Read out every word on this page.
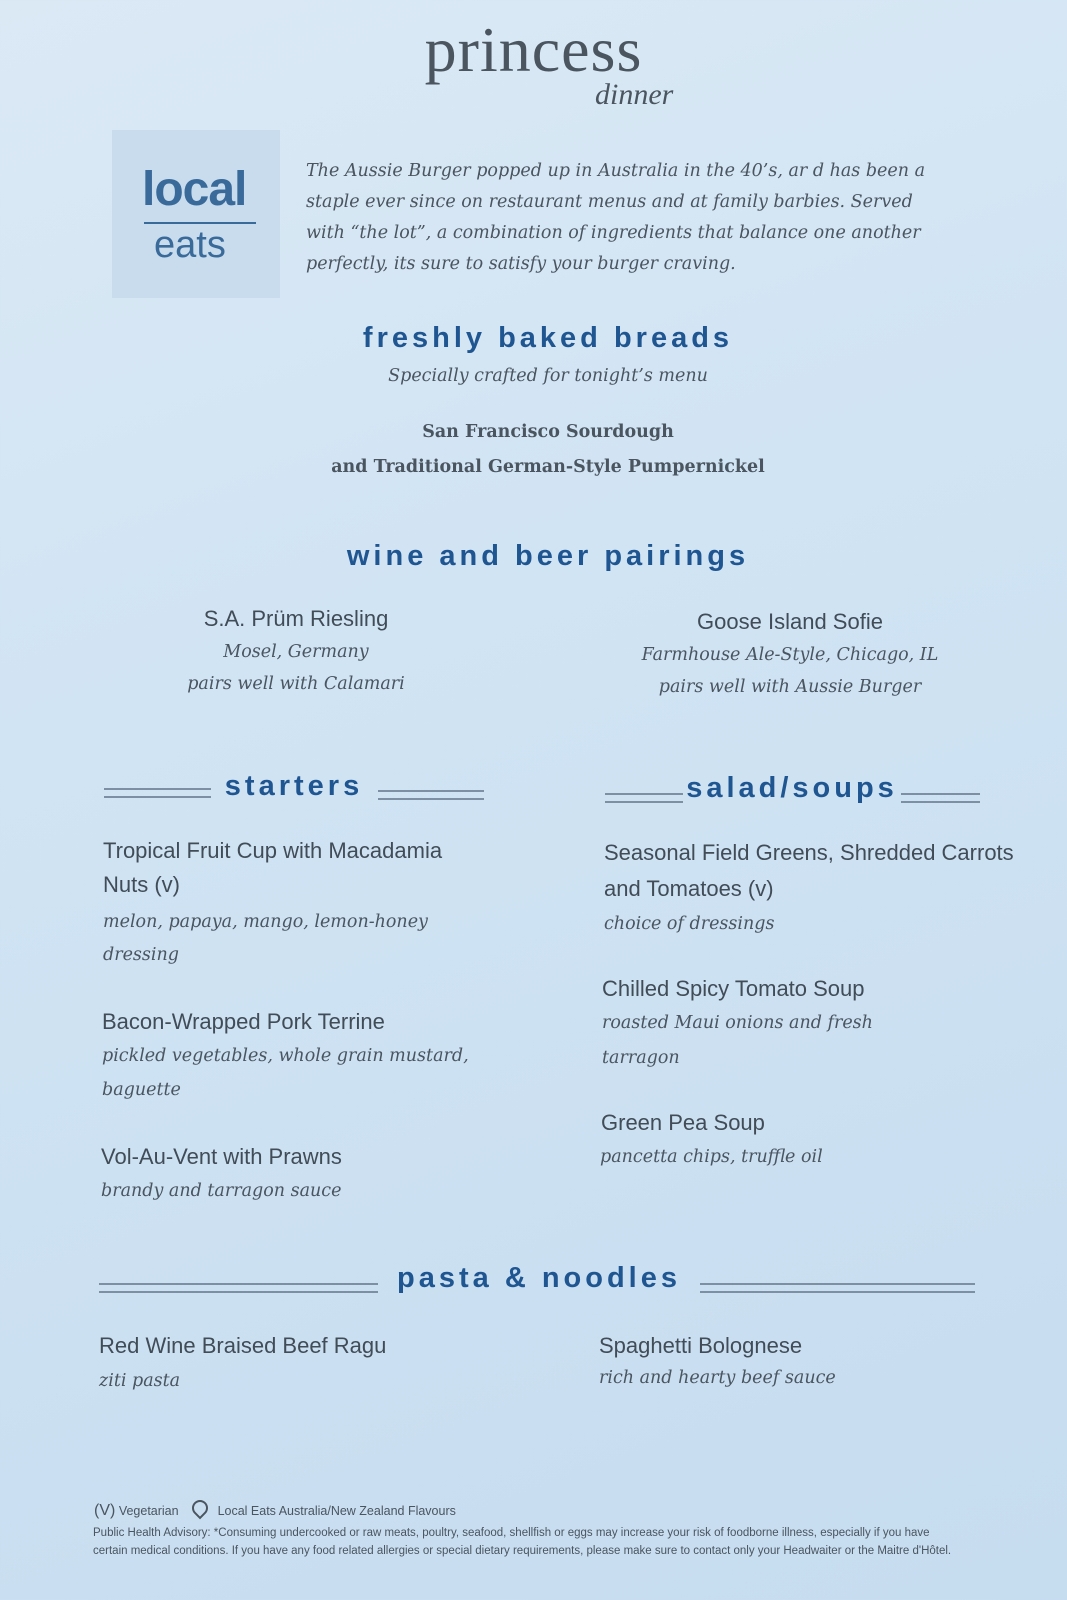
princess
dinner
local
eats
The Aussie Burger popped up in Australia in the 40’s, ar d has been a staple ever since on restaurant menus and at family barbies. Served with “the lot”, a combination of ingredients that balance one another perfectly, its sure to satisfy your burger craving.
freshly baked breads
Specially crafted for tonight’s menu
San Francisco Sourdough
and Traditional German-Style Pumpernickel
wine and beer pairings
S.A. Prüm Riesling
Mosel, Germany
pairs well with Calamari
Goose Island Sofie
Farmhouse Ale-Style, Chicago, IL
pairs well with Aussie Burger
starters	salad/soups
Tropical Fruit Cup with Macadamia
Nuts (v)
melon, papaya, mango, lemon-honey
dressing
Bacon-Wrapped Pork Terrine
pickled vegetables, whole grain mustard,
baguette
Vol-Au-Vent with Prawns
brandy and tarragon sauce
Seasonal Field Greens, Shredded Carrots
and Tomatoes (v)
choice of dressings
Chilled Spicy Tomato Soup
roasted Maui onions and fresh
tarragon
Green Pea Soup
pancetta chips, truffle oil
pasta & noodles
Red Wine Braised Beef Ragu
ziti pasta
Spaghetti Bolognese
rich and hearty beef sauce
(V) Vegetarian	Local Eats Australia/New Zealand Flavours
Public Health Advisory: *Consuming undercooked or raw meats, poultry, seafood, shellfish or eggs may increase your risk of foodborne illness, especially if you have
certain medical conditions. If you have any food related allergies or special dietary requirements, please make sure to contact only your Headwaiter or the Maitre d'Hôtel.
